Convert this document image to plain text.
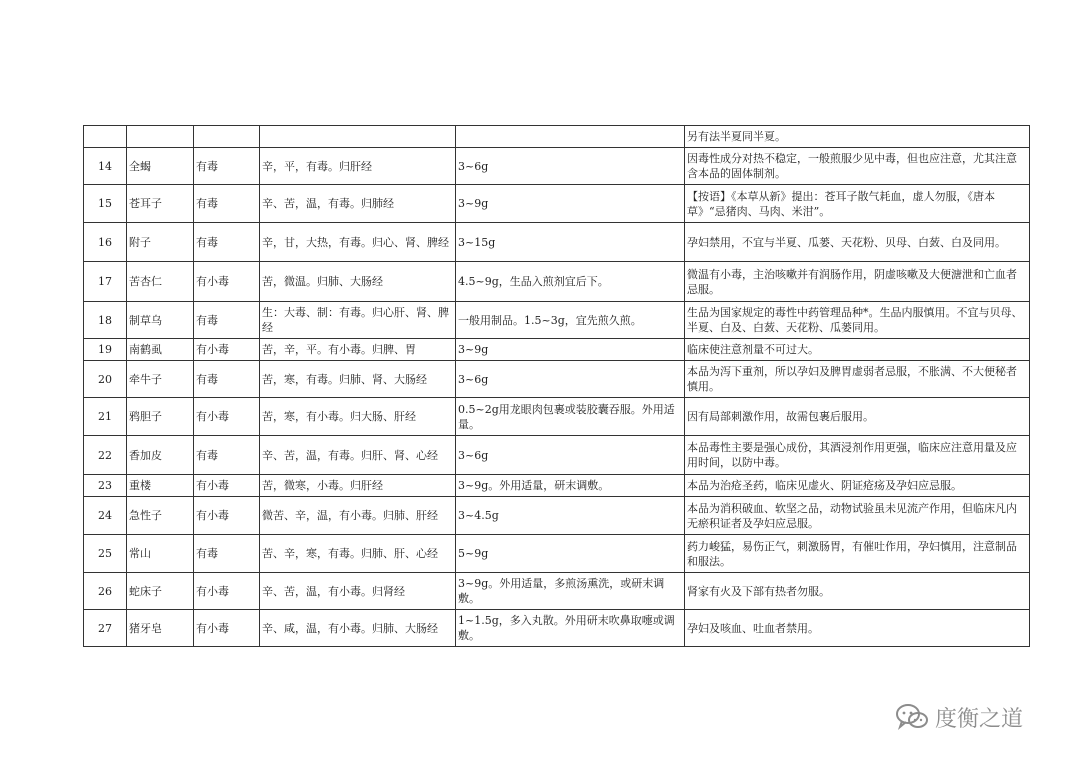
					另有法半夏同半夏。
14	全蝎	有毒	辛，平，有毒。归肝经	3~6g	因毒性成分对热不稳定，一般煎服少见中毒，但也应注意，尤其注意含本品的固体制剂。
15	苍耳子	有毒	辛、苦，温，有毒。归肺经	3~9g	【按语】《本草从新》提出：苍耳子散气耗血，虚人勿服，《唐本草》“忌猪肉、马肉、米泔”。
16	附子	有毒	辛，甘，大热，有毒。归心、肾、脾经	3~15g	孕妇禁用，不宜与半夏、瓜蒌、天花粉、贝母、白蔹、白及同用。
17	苦杏仁	有小毒	苦，微温。归肺、大肠经	4.5~9g，生品入煎剂宜后下。	微温有小毒，主治咳嗽并有润肠作用，阴虚咳嗽及大便溏泄和亡血者忌服。
18	制草乌	有毒	生：大毒、制：有毒。归心肝、肾、脾经	一般用制品。1.5~3g，宜先煎久煎。	生品为国家规定的毒性中药管理品种*。生品内服慎用。不宜与贝母、半夏、白及、白蔹、天花粉、瓜蒌同用。
19	南鹤虱	有小毒	苦，辛，平。有小毒。归脾、胃	3~9g	临床使注意剂量不可过大。
20	牵牛子	有毒	苦，寒，有毒。归肺、肾、大肠经	3~6g	本品为泻下重剂，所以孕妇及脾胃虚弱者忌服，不胀满、不大便秘者慎用。
21	鸦胆子	有小毒	苦，寒，有小毒。归大肠、肝经	0.5~2g用龙眼肉包裹或装胶囊吞服。外用适量。	因有局部刺激作用，故需包裹后服用。
22	香加皮	有毒	辛、苦，温，有毒。归肝、肾、心经	3~6g	本品毒性主要是强心成份，其酒浸剂作用更强，临床应注意用量及应用时间，以防中毒。
23	重楼	有小毒	苦，微寒，小毒。归肝经	3~9g。外用适量，研末调敷。	本品为治疮圣药，临床见虚火、阴证疮疡及孕妇应忌服。
24	急性子	有小毒	微苦、辛，温，有小毒。归肺、肝经	3~4.5g	本品为消积破血、软坚之品，动物试验虽未见流产作用，但临床凡内无瘀积证者及孕妇应忌服。
25	常山	有毒	苦、辛，寒，有毒。归肺、肝、心经	5~9g	药力峻猛，易伤正气，刺激肠胃，有催吐作用，孕妇慎用，注意制品和服法。
26	蛇床子	有小毒	辛、苦，温，有小毒。归肾经	3~9g。外用适量，多煎汤熏洗，或研末调敷。	肾家有火及下部有热者勿服。
27	猪牙皂	有小毒	辛、咸，温，有小毒。归肺、大肠经	1~1.5g，多入丸散。外用研末吹鼻取嚏或调敷。	孕妇及咳血、吐血者禁用。
度衡之道
